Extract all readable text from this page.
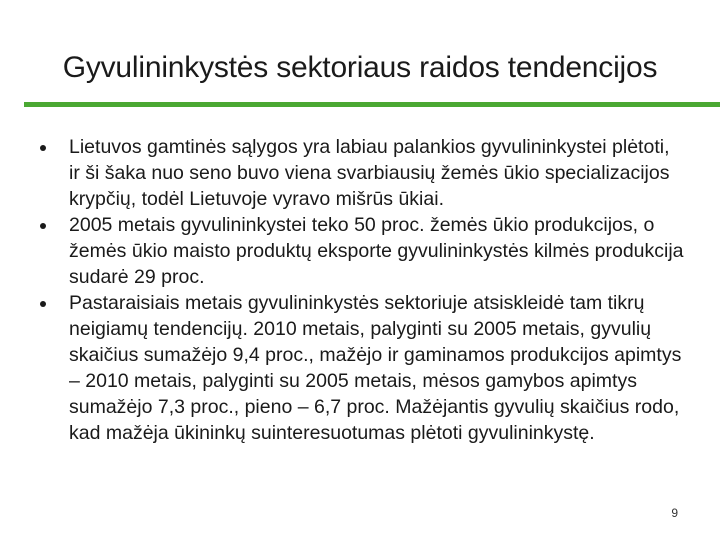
Gyvulininkystės sektoriaus raidos tendencijos
Lietuvos gamtinės sąlygos yra labiau palankios gyvulininkystei plėtoti, ir ši šaka nuo seno buvo viena svarbiausių žemės ūkio specializacijos krypčių, todėl Lietuvoje vyravo mišrūs ūkiai.
2005 metais gyvulininkystei teko 50 proc. žemės ūkio produkcijos, o žemės ūkio maisto produktų eksporte gyvulininkystės kilmės produkcija sudarė 29 proc.
Pastaraisiais metais gyvulininkystės sektoriuje atsiskleidė tam tikrų neigiamų tendencijų. 2010 metais, palyginti su 2005 metais, gyvulių skaičius sumažėjo 9,4 proc., mažėjo ir gaminamos produkcijos apimtys – 2010 metais, palyginti su 2005 metais, mėsos gamybos apimtys sumažėjo 7,3 proc., pieno – 6,7 proc. Mažėjantis gyvulių skaičius rodo, kad mažėja ūkininkų suinteresuotumas plėtoti gyvulininkystę.
9
